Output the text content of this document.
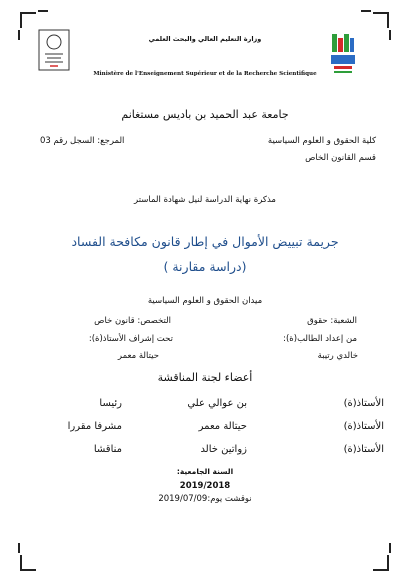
وزارة التعليم العالي والبحث العلمي
Ministère de l'Enseignement Supérieur et de la Recherche Scientifique
جامعة عبد الحميد بن باديس مستغانم
كلية الحقوق و العلوم السياسية
المرجع: السجل رقم 03
قسم القانون الخاص
مذكرة نهاية الدراسة لنيل شهادة الماستر
جريمة تبييض الأموال في إطار قانون مكافحة الفساد
(دراسة مقارنة )
ميدان الحقوق و العلوم السياسية
الشعبة: حقوق
التخصص: قانون خاص
من إعداد الطالب(ة):
تحت إشراف الأستاذ(ة):
خالدي رتيبة
حيتالة معمر
أعضاء لجنة المناقشة
الأستاذ(ة)
بن عوالي علي
رئيسا
الأستاذ(ة)
حيتالة معمر
مشرفا مقررا
الأستاذ(ة)
زواتين خالد
مناقشا
السنة الجامعية:
2019/2018
نوقشت يوم:2019/07/09
